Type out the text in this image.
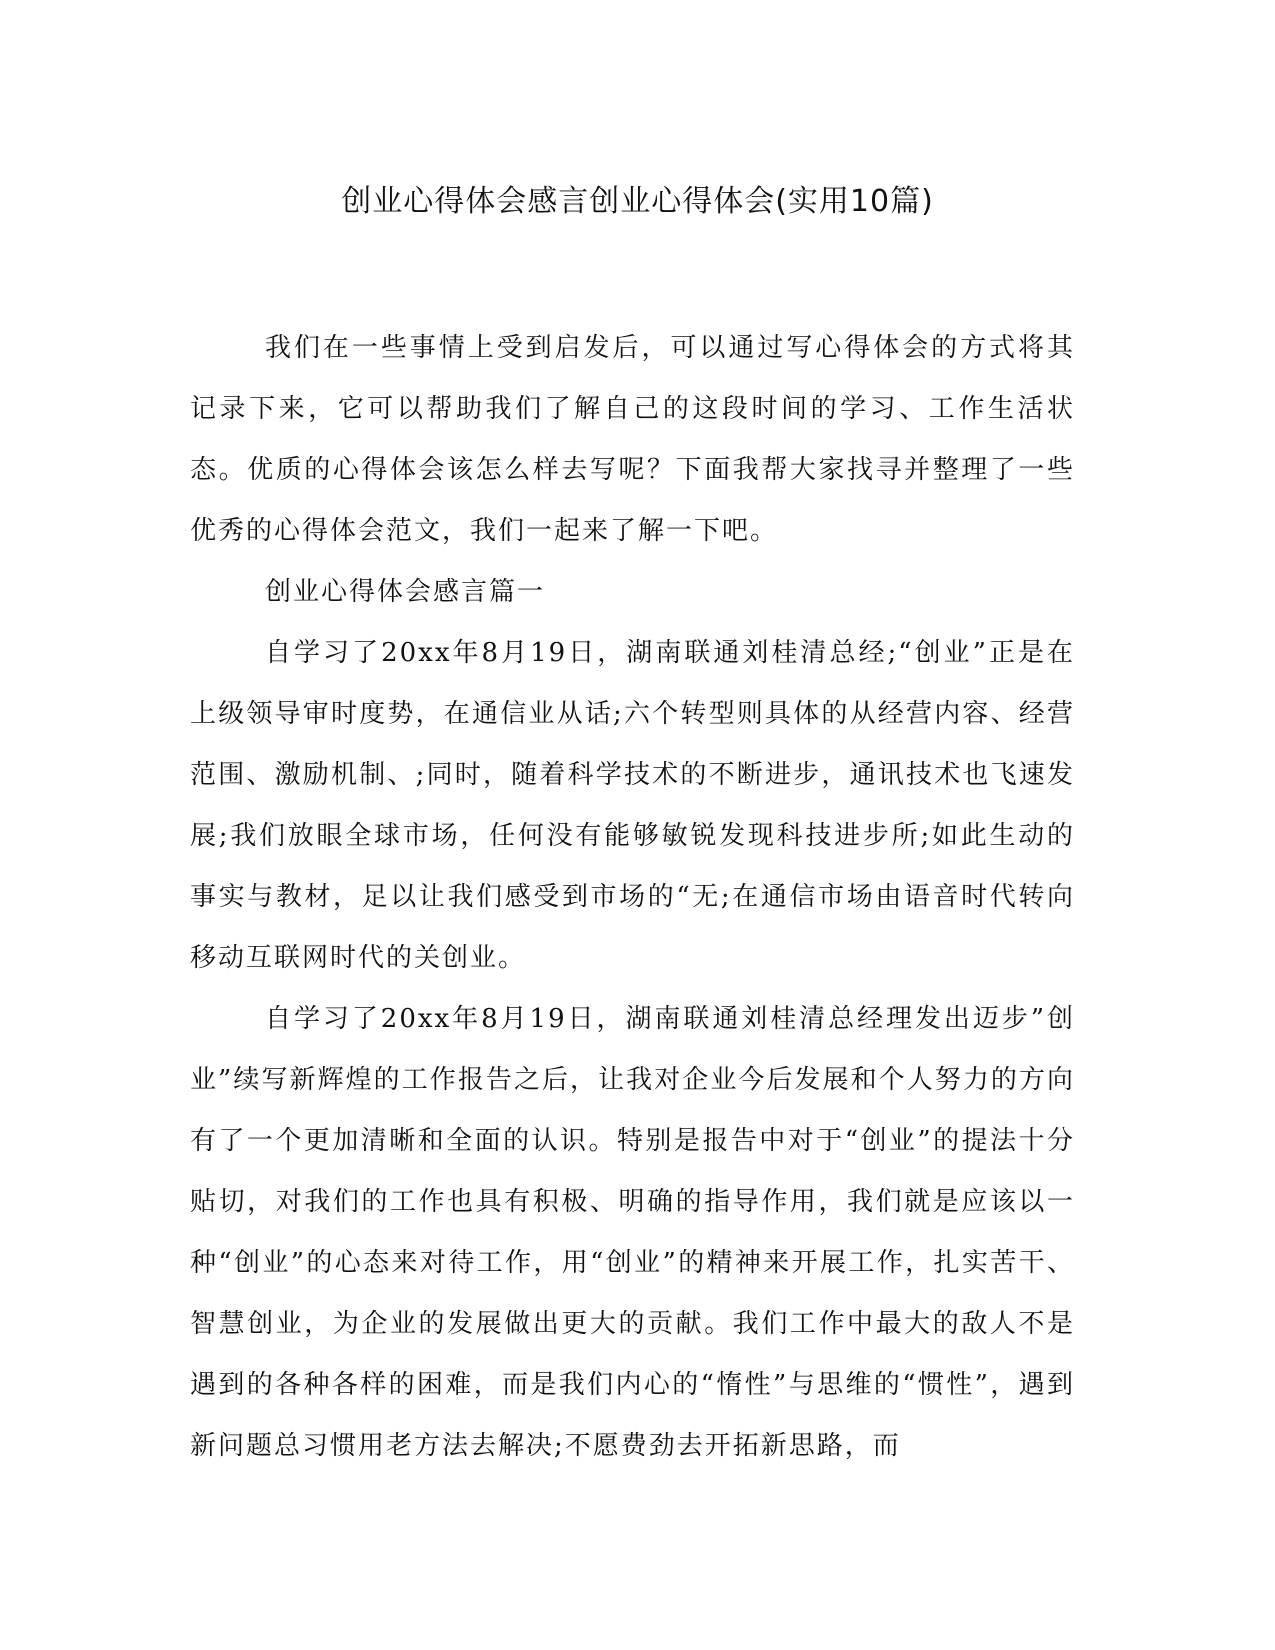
创业心得体会感言创业心得体会(实用10篇)

我们在一些事情上受到启发后，可以通过写心得体会的方式将其记录下来，它可以帮助我们了解自己的这段时间的学习、工作生活状态。优质的心得体会该怎么样去写呢？下面我帮大家找寻并整理了一些优秀的心得体会范文，我们一起来了解一下吧。

创业心得体会感言篇一

自学习了20xx年8月19日，湖南联通刘桂清总经;“创业”正是在上级领导审时度势，在通信业从话;六个转型则具体的从经营内容、经营范围、激励机制、;同时，随着科学技术的不断进步，通讯技术也飞速发展;我们放眼全球市场，任何没有能够敏锐发现科技进步所;如此生动的事实与教材，足以让我们感受到市场的“无;在通信市场由语音时代转向移动互联网时代的关创业。

自学习了20xx年8月19日，湖南联通刘桂清总经理发出迈步”创业”续写新辉煌的工作报告之后，让我对企业今后发展和个人努力的方向有了一个更加清晰和全面的认识。特别是报告中对于“创业”的提法十分贴切，对我们的工作也具有积极、明确的指导作用，我们就是应该以一种“创业”的心态来对待工作，用“创业”的精神来开展工作，扎实苦干、智慧创业，为企业的发展做出更大的贡献。我们工作中最大的敌人不是遇到的各种各样的困难，而是我们内心的“惰性”与思维的“惯性”，遇到新问题总习惯用老方法去解决;不愿费劲去开拓新思路，而
